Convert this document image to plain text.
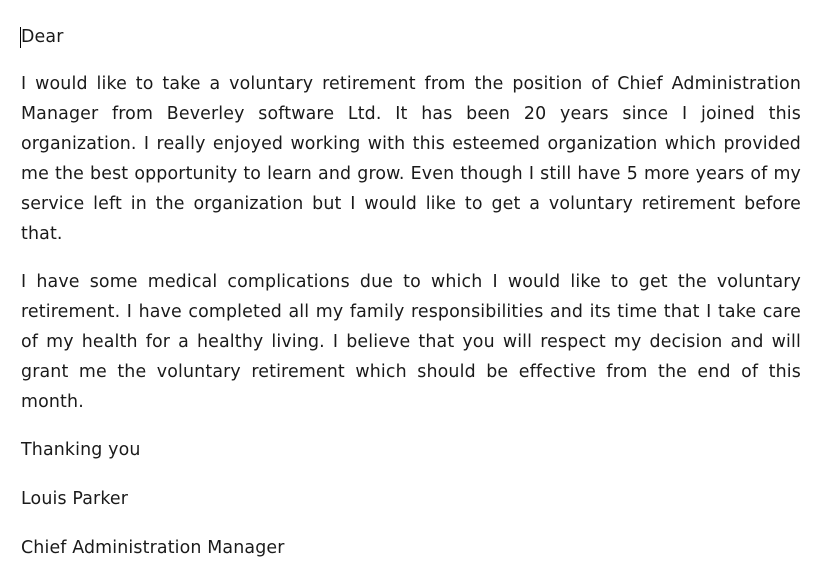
Dear

I would like to take a voluntary retirement from the position of Chief Administration Manager from Beverley software Ltd. It has been 20 years since I joined this organization. I really enjoyed working with this esteemed organization which provided me the best opportunity to learn and grow. Even though I still have 5 more years of my service left in the organization but I would like to get a voluntary retirement before that.

I have some medical complications due to which I would like to get the voluntary retirement. I have completed all my family responsibilities and its time that I take care of my health for a healthy living. I believe that you will respect my decision and will grant me the voluntary retirement which should be effective from the end of this month.

Thanking you

Louis Parker

Chief Administration Manager
